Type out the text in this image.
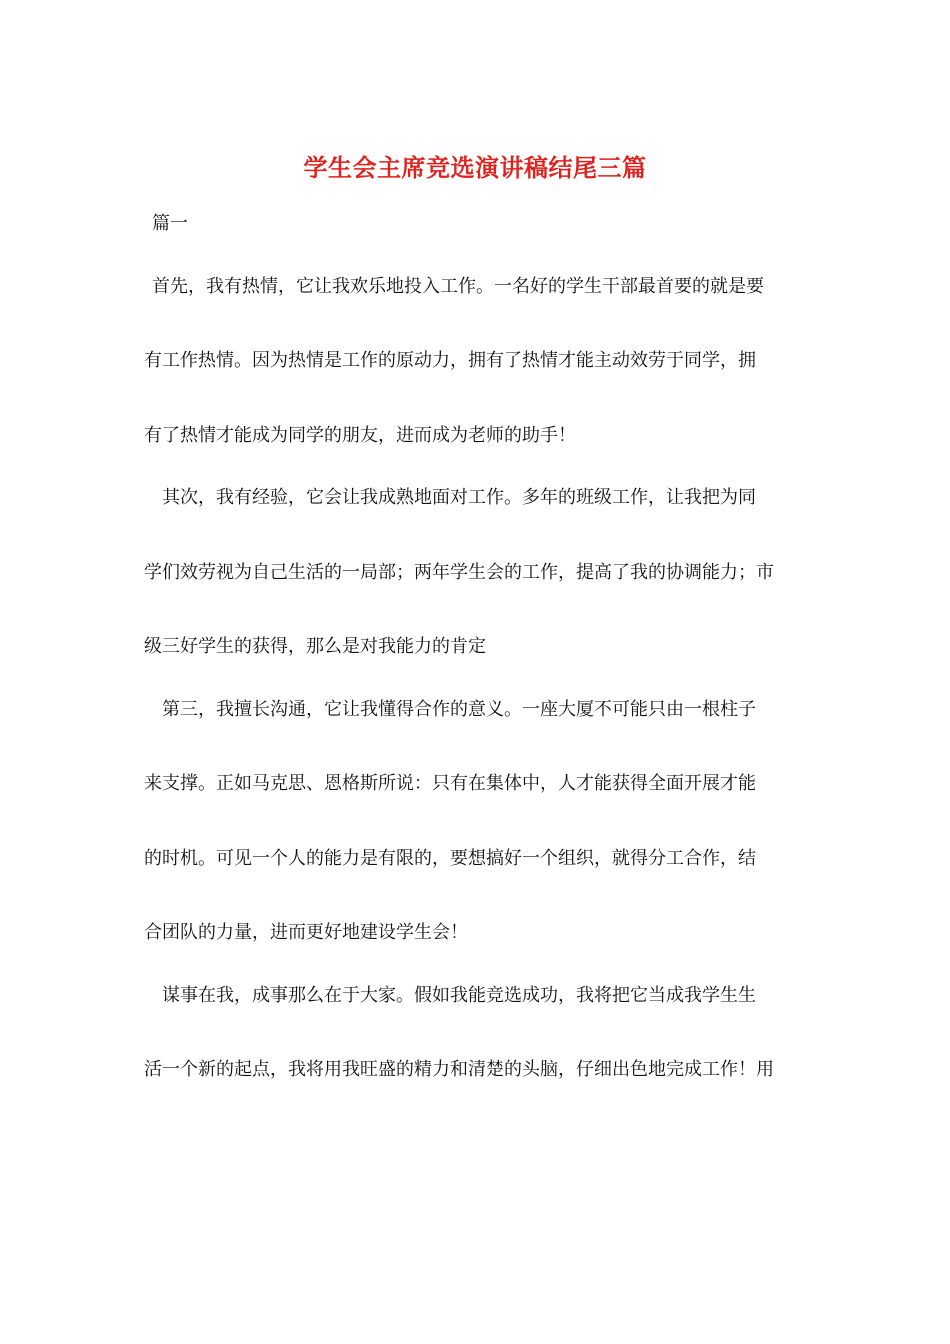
学生会主席竞选演讲稿结尾三篇

篇一

首先，我有热情，它让我欢乐地投入工作。一名好的学生干部最首要的就是要

有工作热情。因为热情是工作的原动力，拥有了热情才能主动效劳于同学，拥

有了热情才能成为同学的朋友，进而成为老师的助手！

其次，我有经验，它会让我成熟地面对工作。多年的班级工作，让我把为同

学们效劳视为自己生活的一局部；两年学生会的工作，提高了我的协调能力；市

级三好学生的获得，那么是对我能力的肯定

第三，我擅长沟通，它让我懂得合作的意义。一座大厦不可能只由一根柱子

来支撑。正如马克思、恩格斯所说：只有在集体中，人才能获得全面开展才能

的时机。可见一个人的能力是有限的，要想搞好一个组织，就得分工合作，结

合团队的力量，进而更好地建设学生会！

谋事在我，成事那么在于大家。假如我能竞选成功，我将把它当成我学生生

活一个新的起点，我将用我旺盛的精力和清楚的头脑，仔细出色地完成工作！用
